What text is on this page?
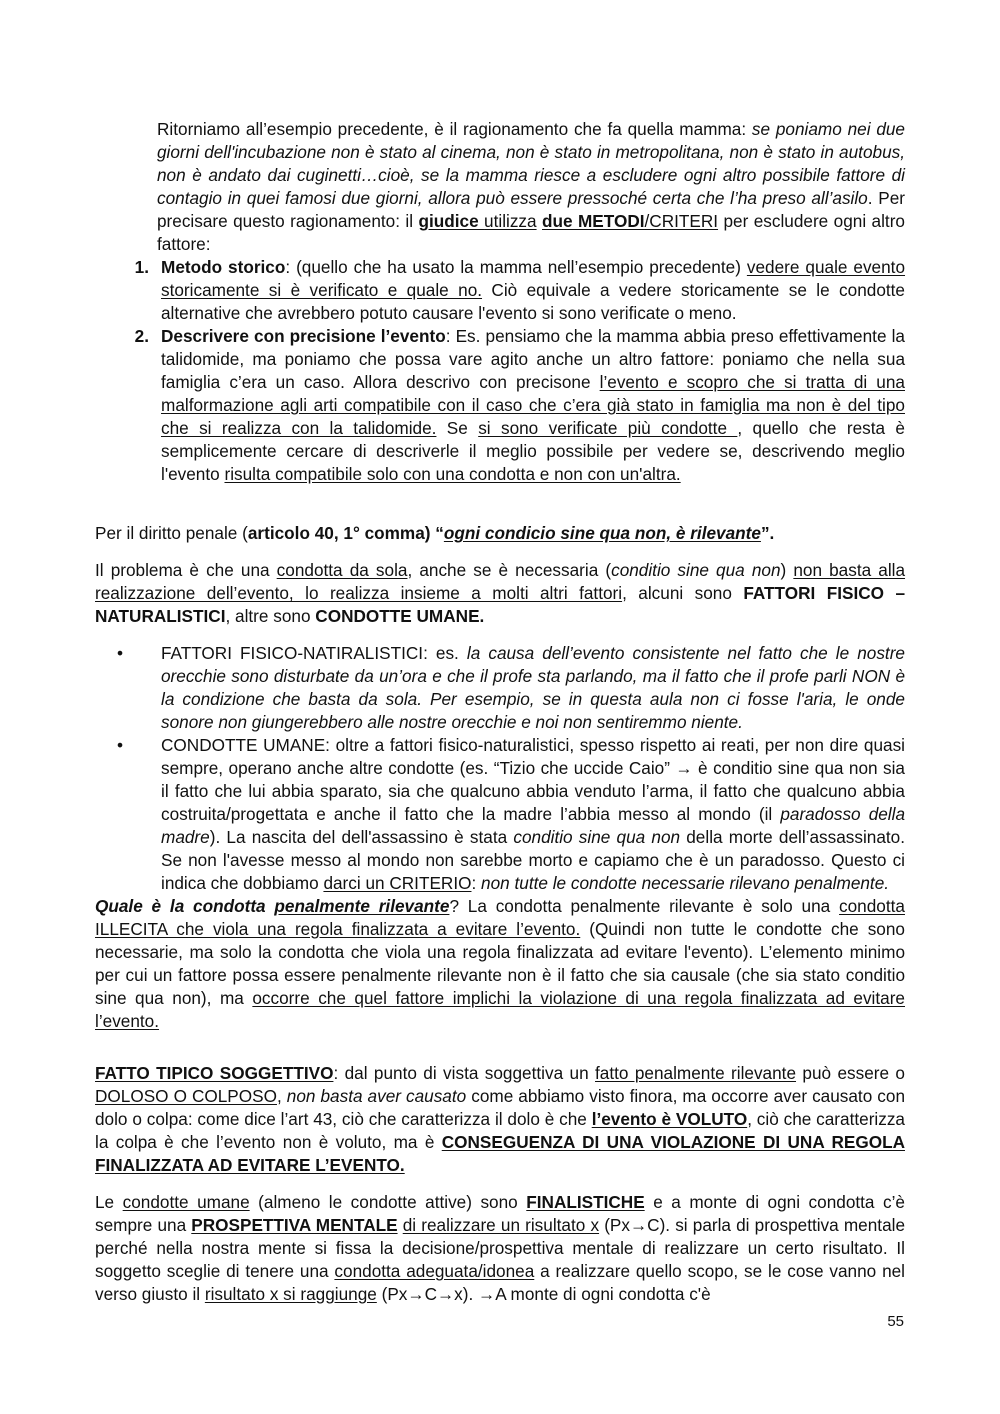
Ritorniamo all’esempio precedente, è il ragionamento che fa quella mamma: se poniamo nei due giorni dell'incubazione non è stato al cinema, non è stato in metropolitana, non è stato in autobus, non è andato dai cuginetti…cioè, se la mamma riesce a escludere ogni altro possibile fattore di contagio in quei famosi due giorni, allora può essere pressoché certa che l’ha preso all’asilo. Per precisare questo ragionamento: il giudice utilizza due METODI/CRITERI per escludere ogni altro fattore:

1. Metodo storico: (quello che ha usato la mamma nell’esempio precedente) vedere quale evento storicamente si è verificato e quale no. Ciò equivale a vedere storicamente se le condotte alternative che avrebbero potuto causare l'evento si sono verificate o meno.
2. Descrivere con precisione l’evento: Es. pensiamo che la mamma abbia preso effettivamente la talidomide, ma poniamo che possa vare agito anche un altro fattore: poniamo che nella sua famiglia c’era un caso. Allora descrivo con precisone l’evento e scopro che si tratta di una malformazione agli arti compatibile con il caso che c’era già stato in famiglia ma non è del tipo che si realizza con la talidomide. Se si sono verificate più condotte , quello che resta è semplicemente cercare di descriverle il meglio possibile per vedere se, descrivendo meglio l'evento risulta compatibile solo con una condotta e non con un'altra.

Per il diritto penale (articolo 40, 1° comma) “ogni condicio sine qua non, è rilevante”.

Il problema è che una condotta da sola, anche se è necessaria (conditio sine qua non) non basta alla realizzazione dell’evento, lo realizza insieme a molti altri fattori, alcuni sono FATTORI FISICO – NATURALISTICI, altre sono CONDOTTE UMANE.

•	FATTORI FISICO-NATIRALISTICI: es. la causa dell’evento consistente nel fatto che le nostre orecchie sono disturbate da un’ora e che il profe sta parlando, ma il fatto che il profe parli NON è la condizione che basta da sola. Per esempio, se in questa aula non ci fosse l'aria, le onde sonore non giungerebbero alle nostre orecchie e noi non sentiremmo niente.
•	CONDOTTE UMANE: oltre a fattori fisico-naturalistici, spesso rispetto ai reati, per non dire quasi sempre, operano anche altre condotte (es. “Tizio che uccide Caio” → è conditio sine qua non sia il fatto che lui abbia sparato, sia che qualcuno abbia venduto l’arma, il fatto che qualcuno abbia costruita/progettata e anche il fatto che la madre l’abbia messo al mondo (il paradosso della madre). La nascita del dell'assassino è stata conditio sine qua non della morte dell’assassinato. Se non l'avesse messo al mondo non sarebbe morto e capiamo che è un paradosso. Questo ci indica che dobbiamo darci un CRITERIO: non tutte le condotte necessarie rilevano penalmente.

Quale è la condotta penalmente rilevante? La condotta penalmente rilevante è solo una condotta ILLECITA che viola una regola finalizzata a evitare l’evento. (Quindi non tutte le condotte che sono necessarie, ma solo la condotta che viola una regola finalizzata ad evitare l'evento). L’elemento minimo per cui un fattore possa essere penalmente rilevante non è il fatto che sia causale (che sia stato conditio sine qua non), ma occorre che quel fattore implichi la violazione di una regola finalizzata ad evitare l’evento.

FATTO TIPICO SOGGETTIVO: dal punto di vista soggettiva un fatto penalmente rilevante può essere o DOLOSO O COLPOSO, non basta aver causato come abbiamo visto finora, ma occorre aver causato con dolo o colpa: come dice l’art 43, ciò che caratterizza il dolo è che l’evento è VOLUTO, ciò che caratterizza la colpa è che l’evento non è voluto, ma è CONSEGUENZA DI UNA VIOLAZIONE DI UNA REGOLA FINALIZZATA AD EVITARE L’EVENTO.

Le condotte umane (almeno le condotte attive) sono FINALISTICHE e a monte di ogni condotta c’è sempre una PROSPETTIVA MENTALE di realizzare un risultato x (Px→C). si parla di prospettiva mentale perché nella nostra mente si fissa la decisione/prospettiva mentale di realizzare un certo risultato. Il soggetto sceglie di tenere una condotta adeguata/idonea a realizzare quello scopo, se le cose vanno nel verso giusto il risultato x si raggiunge (Px→C→x). →A monte di ogni condotta c'è

55
